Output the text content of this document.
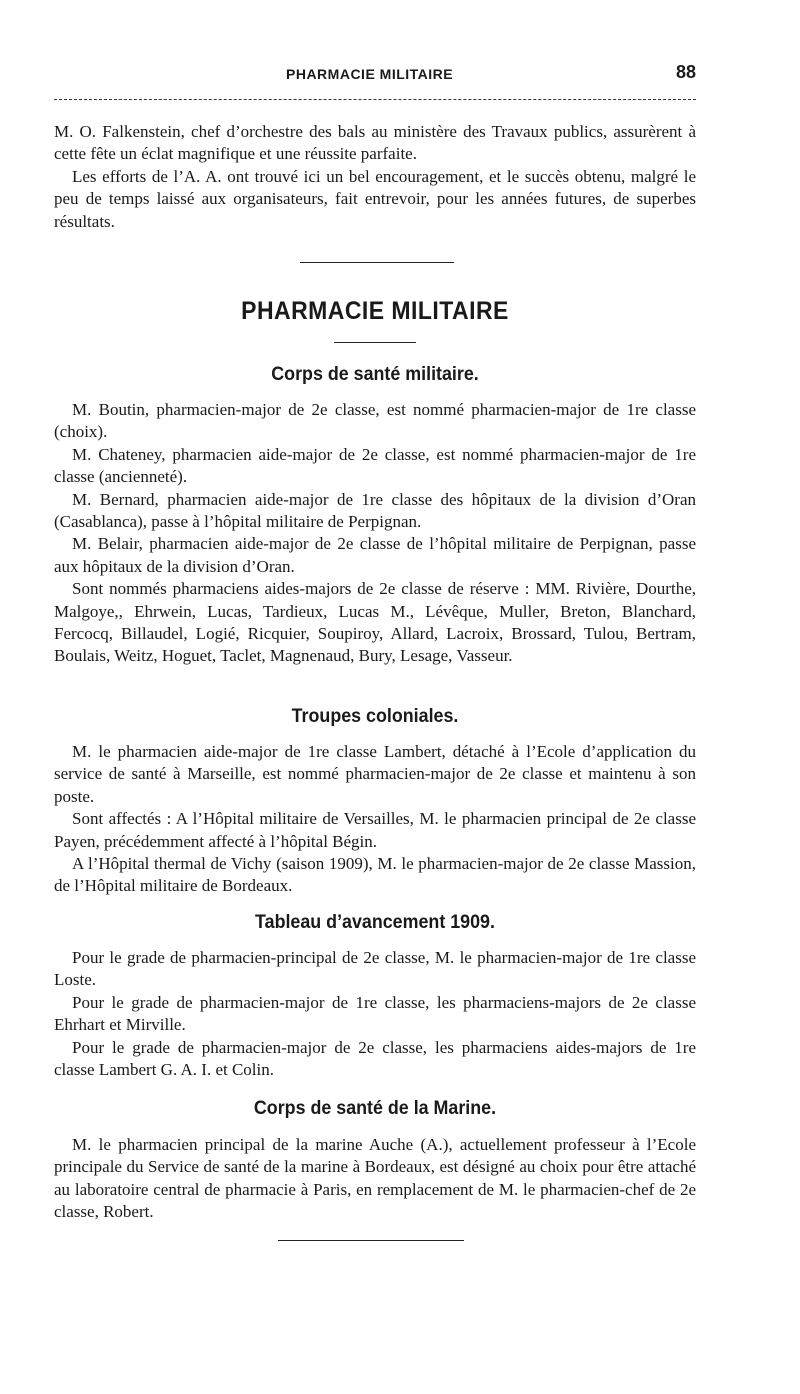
PHARMACIE MILITAIRE	88

M. O. Falkenstein, chef d’orchestre des bals au ministère des Travaux publics, assurèrent à cette fête un éclat magnifique et une réussite parfaite.

Les efforts de l’A. A. ont trouvé ici un bel encouragement, et le succès obtenu, malgré le peu de temps laissé aux organisateurs, fait entrevoir, pour les années futures, de superbes résultats.

PHARMACIE MILITAIRE
Corps de santé militaire.

M. Boutin, pharmacien-major de 2e classe, est nommé pharmacien-major de 1re classe (choix).

M. Chateney, pharmacien aide-major de 2e classe, est nommé pharmacien-major de 1re classe (ancienneté).

M. Bernard, pharmacien aide-major de 1re classe des hôpitaux de la division d’Oran (Casablanca), passe à l’hôpital militaire de Perpignan.

M. Belair, pharmacien aide-major de 2e classe de l’hôpital militaire de Perpignan, passe aux hôpitaux de la division d’Oran.

Sont nommés pharmaciens aides-majors de 2e classe de réserve : MM. Rivière, Dourthe, Malgoye,, Ehrwein, Lucas, Tardieux, Lucas M., Lévêque, Muller, Breton, Blanchard, Fercocq, Billaudel, Logié, Ricquier, Soupiroy, Allard, Lacroix, Brossard, Tulou, Bertram, Boulais, Weitz, Hoguet, Taclet, Magnenaud, Bury, Lesage, Vasseur.

Troupes coloniales.

M. le pharmacien aide-major de 1re classe Lambert, détaché à l’Ecole d’application du service de santé à Marseille, est nommé pharmacien-major de 2e classe et maintenu à son poste.

Sont affectés : A l’Hôpital militaire de Versailles, M. le pharmacien principal de 2e classe Payen, précédemment affecté à l’hôpital Bégin.

A l’Hôpital thermal de Vichy (saison 1909), M. le pharmacien-major de 2e classe Massion, de l’Hôpital militaire de Bordeaux.

Tableau d’avancement 1909.

Pour le grade de pharmacien-principal de 2e classe, M. le pharmacien-major de 1re classe Loste.

Pour le grade de pharmacien-major de 1re classe, les pharmaciens-majors de 2e classe Ehrhart et Mirville.

Pour le grade de pharmacien-major de 2e classe, les pharmaciens aides-majors de 1re classe Lambert G. A. I. et Colin.

Corps de santé de la Marine.

M. le pharmacien principal de la marine Auche (A.), actuellement professeur à l’Ecole principale du Service de santé de la marine à Bordeaux, est désigné au choix pour être attaché au laboratoire central de pharmacie à Paris, en remplacement de M. le pharmacien-chef de 2e classe, Robert.
